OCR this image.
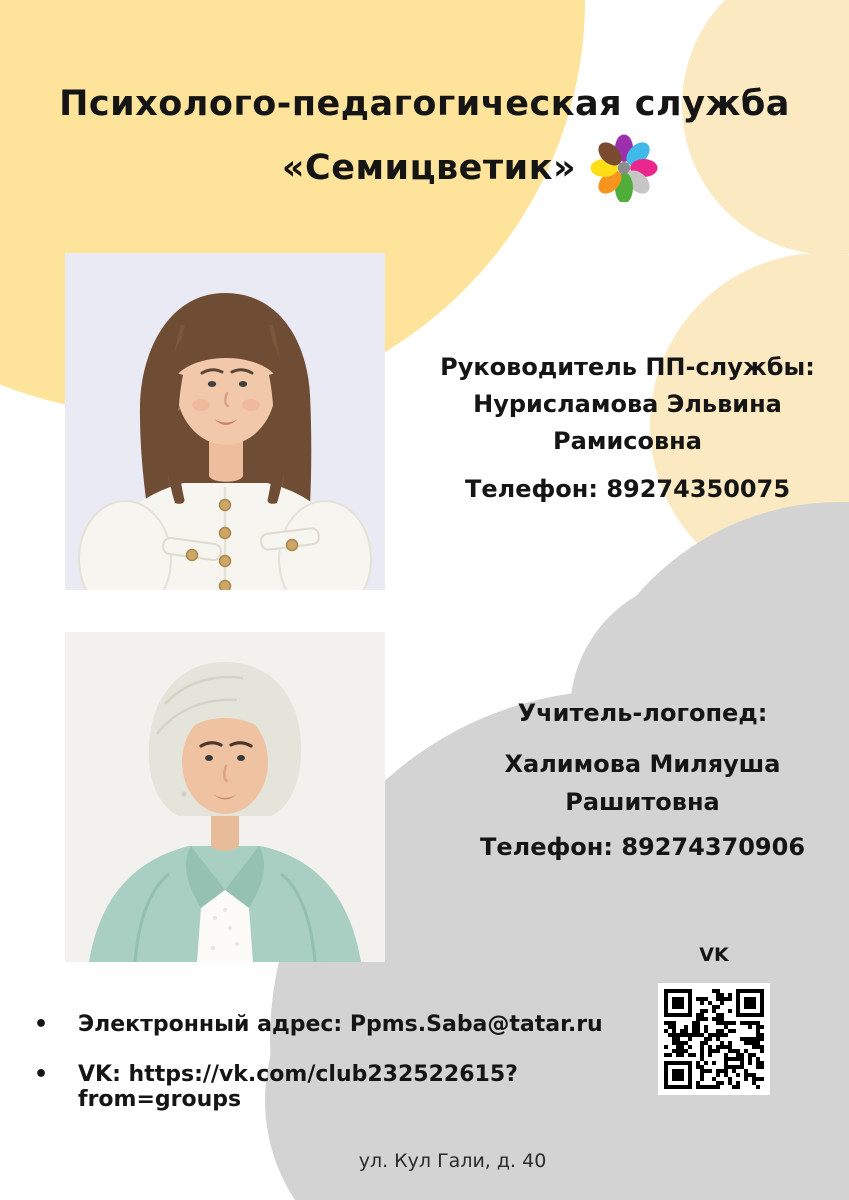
Психолого-педагогическая служба
«Семицветик»
Руководитель ПП-службы:
Нурисламова Эльвина
Рамисовна
Телефон: 89274350075
Учитель-логопед:
Халимова Миляуша
Рашитовна
Телефон: 89274370906
VK
• Электронный адрес: Ppms.Saba@tatar.ru
• VK: https://vk.com/club232522615?from=groups
ул. Кул Гали, д. 40
